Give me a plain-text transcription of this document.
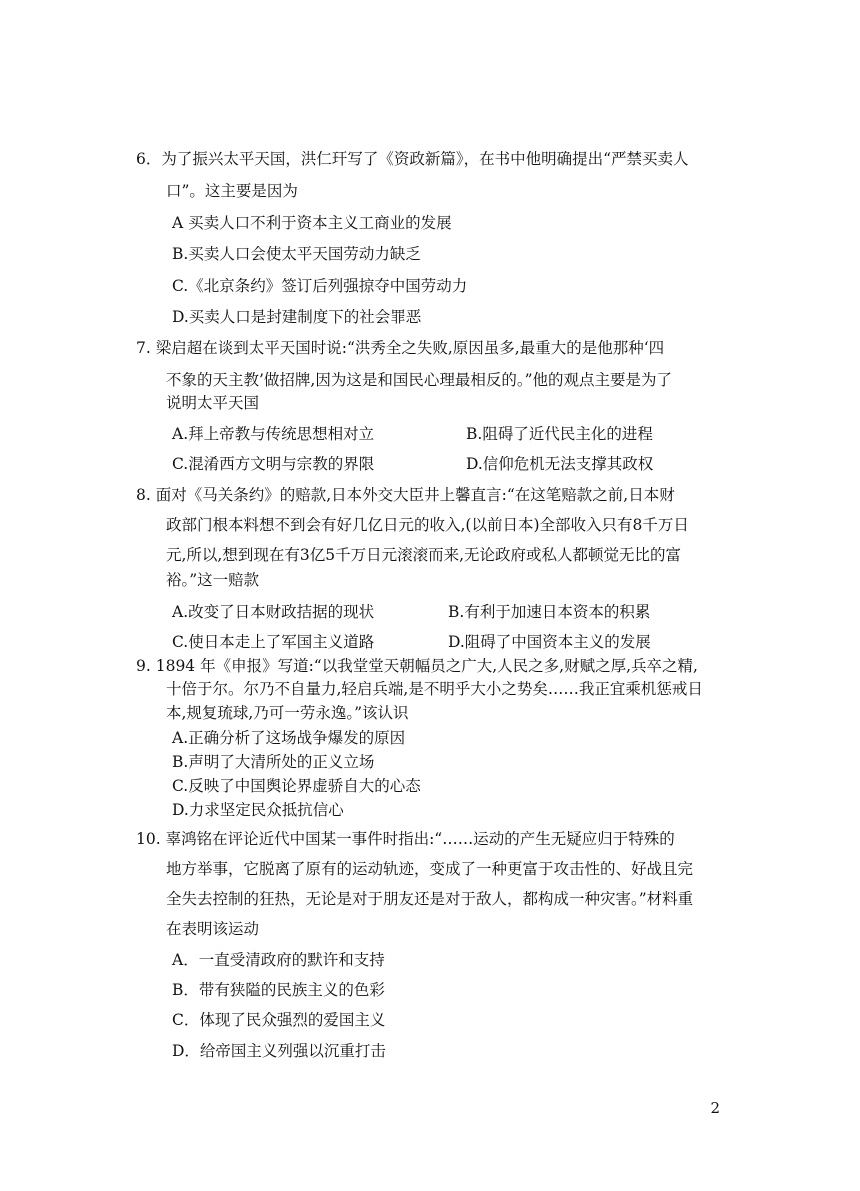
6．为了振兴太平天国，洪仁玕写了《资政新篇》，在书中他明确提出“严禁买卖人
口”。这主要是因为
A 买卖人口不利于资本主义工商业的发展
B.买卖人口会使太平天国劳动力缺乏
C.《北京条约》签订后列强掠夺中国劳动力
D.买卖人口是封建制度下的社会罪恶
7. 梁启超在谈到太平天国时说:“洪秀全之失败,原因虽多,最重大的是他那种‘四
不象的天主教’做招牌,因为这是和国民心理最相反的。”他的观点主要是为了
说明太平天国
A.拜上帝教与传统思想相对立	B.阻碍了近代民主化的进程
C.混淆西方文明与宗教的界限	D.信仰危机无法支撑其政权
8. 面对《马关条约》的赔款,日本外交大臣井上馨直言:“在这笔赔款之前,日本财
政部门根本料想不到会有好几亿日元的收入,(以前日本)全部收入只有8千万日
元,所以,想到现在有3亿5千万日元滚滚而来,无论政府或私人都顿觉无比的富
裕。”这一赔款
A.改变了日本财政拮据的现状	B.有利于加速日本资本的积累
C.使日本走上了军国主义道路	D.阻碍了中国资本主义的发展
9. 1894 年《申报》写道:“以我堂堂天朝幅员之广大,人民之多,财赋之厚,兵卒之精,
十倍于尔。尔乃不自量力,轻启兵端,是不明乎大小之势矣……我正宜乘机惩戒日
本,规复琉球,乃可一劳永逸。”该认识
A.正确分析了这场战争爆发的原因
B.声明了大清所处的正义立场
C.反映了中国舆论界虚骄自大的心态
D.力求坚定民众抵抗信心
10. 辜鸿铭在评论近代中国某一事件时指出:“……运动的产生无疑应归于特殊的
地方举事，它脱离了原有的运动轨迹，变成了一种更富于攻击性的、好战且完
全失去控制的狂热，无论是对于朋友还是对于敌人，都构成一种灾害。”材料重
在表明该运动
A．一直受清政府的默许和支持
B．带有狭隘的民族主义的色彩
C．体现了民众强烈的爱国主义
D．给帝国主义列强以沉重打击
2
